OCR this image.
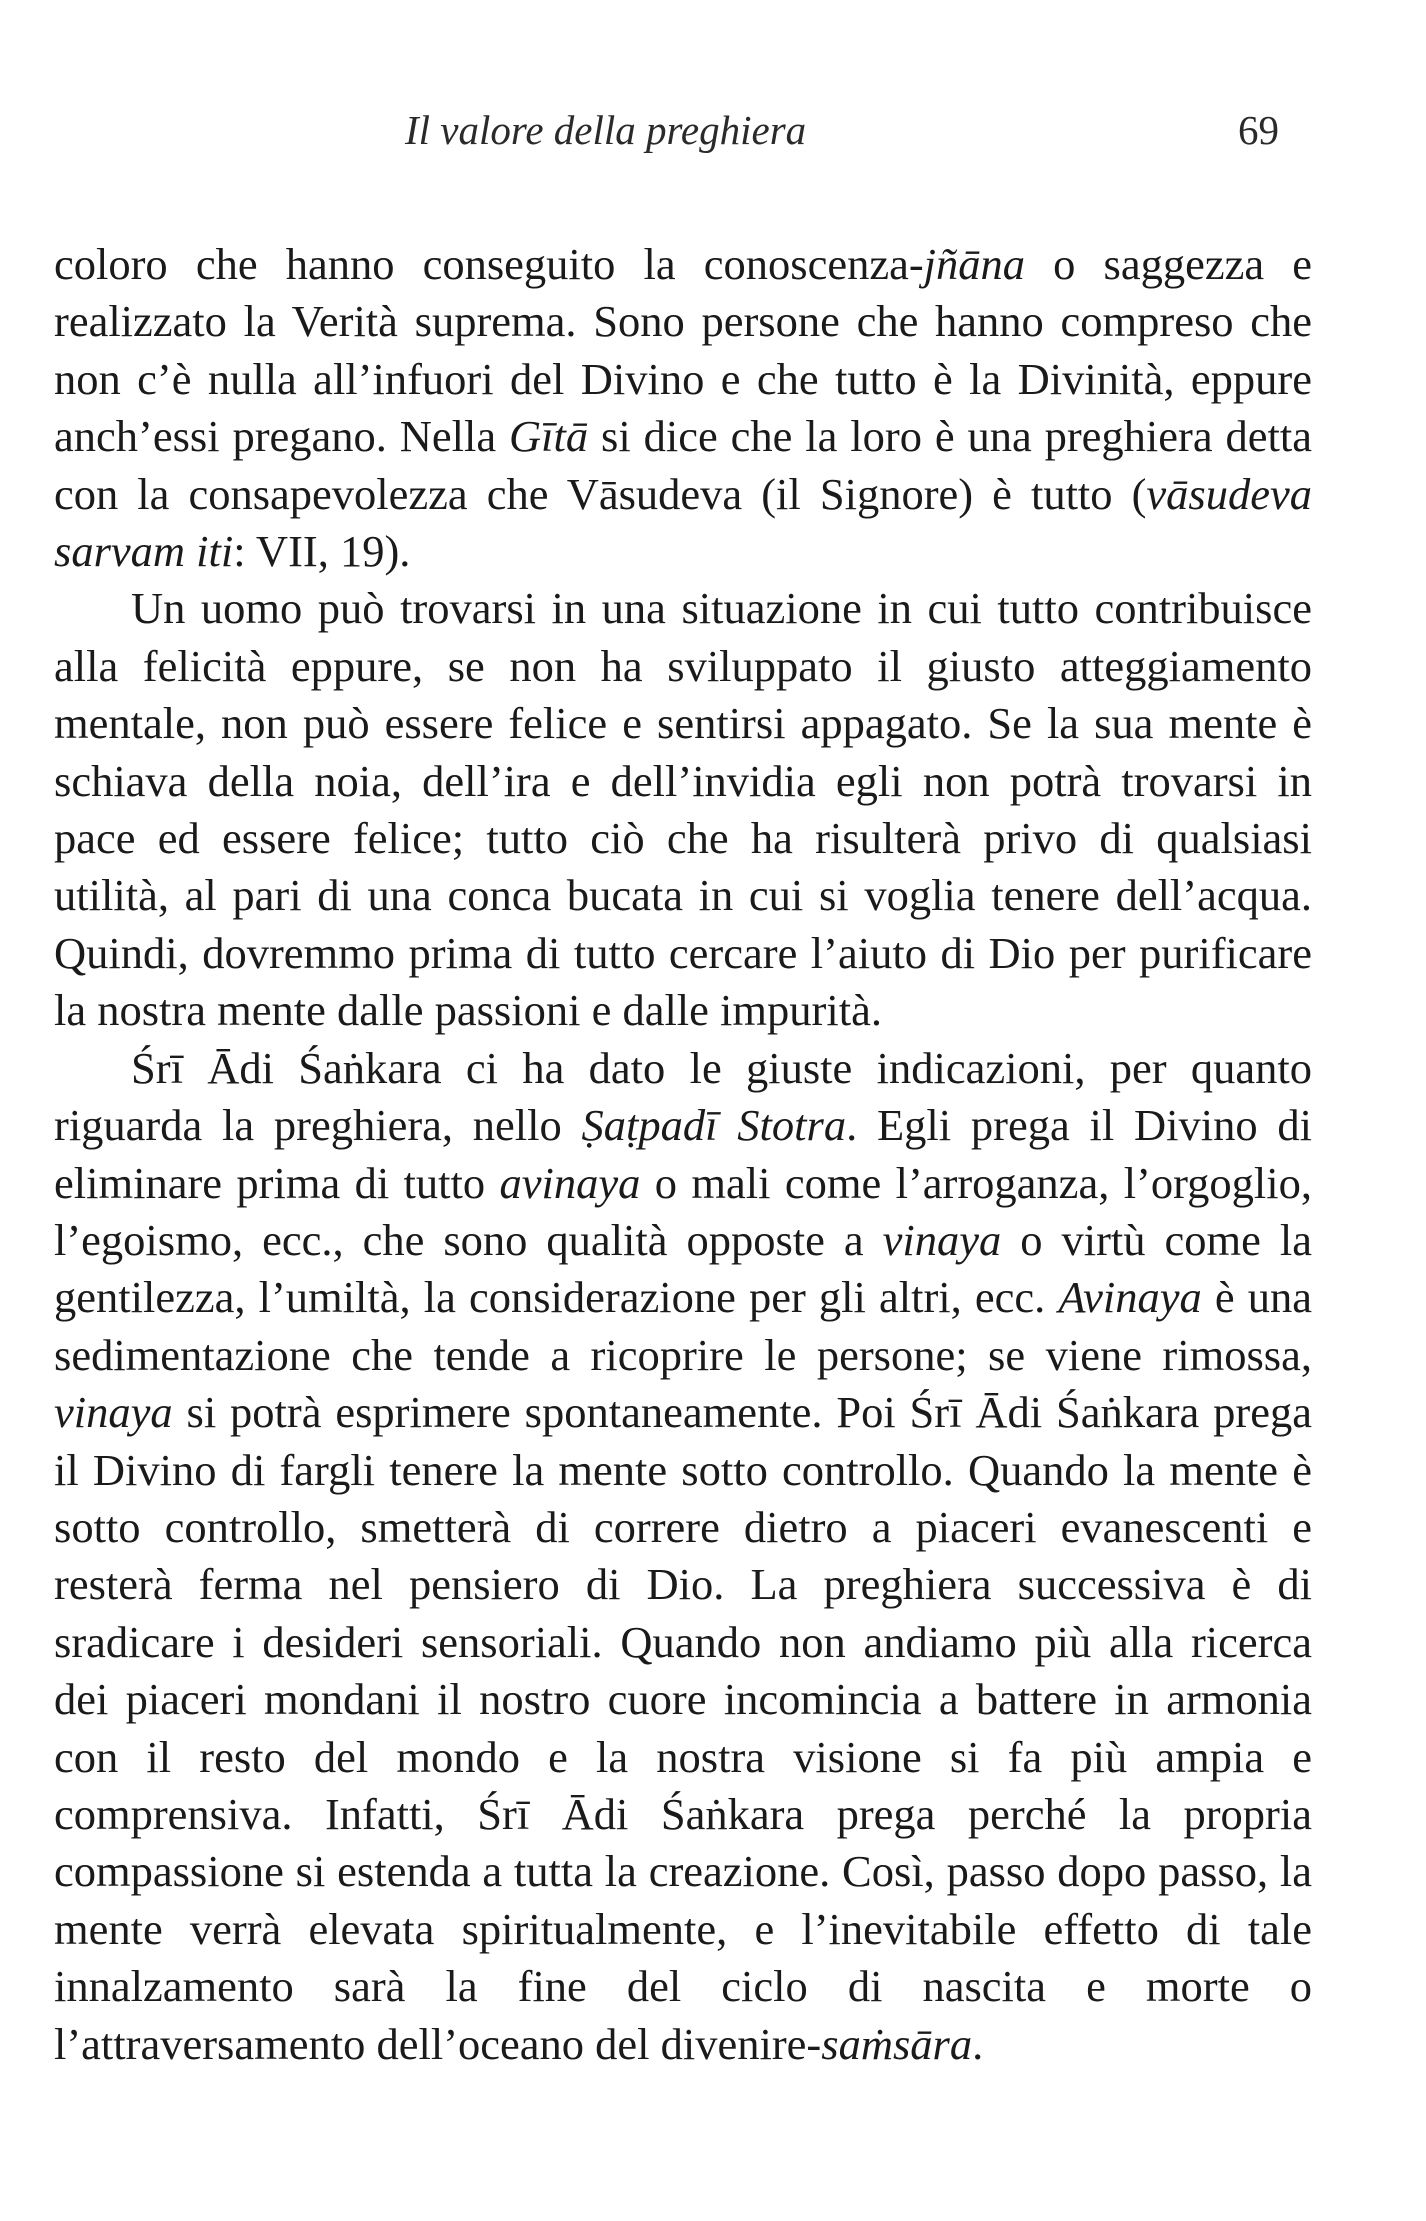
Il valore della preghiera	69

coloro che hanno conseguito la conoscenza-jñāna o saggezza e realizzato la Verità suprema. Sono persone che hanno compreso che non c’è nulla all’infuori del Divino e che tutto è la Divinità, eppure anch’essi pregano. Nella Gītā si dice che la loro è una preghiera detta con la consapevolezza che Vāsudeva (il Signore) è tutto (vāsudeva sarvam iti: VII, 19).

Un uomo può trovarsi in una situazione in cui tutto contribuisce alla felicità eppure, se non ha sviluppato il giusto atteggiamento mentale, non può essere felice e sentirsi appagato. Se la sua mente è schiava della noia, dell’ira e dell’invidia egli non potrà trovarsi in pace ed essere felice; tutto ciò che ha risulterà privo di qualsiasi utilità, al pari di una conca bucata in cui si voglia tenere dell’acqua. Quindi, dovremmo prima di tutto cercare l’aiuto di Dio per purificare la nostra mente dalle passioni e dalle impurità.

Śrī Ādi Śaṅkara ci ha dato le giuste indicazioni, per quanto riguarda la preghiera, nello Ṣaṭpadī Stotra. Egli prega il Divino di eliminare prima di tutto avinaya o mali come l’arroganza, l’orgoglio, l’egoismo, ecc., che sono qualità opposte a vinaya o virtù come la gentilezza, l’umiltà, la considerazione per gli altri, ecc. Avinaya è una sedimentazione che tende a ricoprire le persone; se viene rimossa, vinaya si potrà esprimere spontaneamente. Poi Śrī Ādi Śaṅkara prega il Divino di fargli tenere la mente sotto controllo. Quando la mente è sotto controllo, smetterà di correre dietro a piaceri evanescenti e resterà ferma nel pensiero di Dio. La preghiera successiva è di sradicare i desideri sensoriali. Quando non andiamo più alla ricerca dei piaceri mondani il nostro cuore incomincia a battere in armonia con il resto del mondo e la nostra visione si fa più ampia e comprensiva. Infatti, Śrī Ādi Śaṅkara prega perché la propria compassione si estenda a tutta la creazione. Così, passo dopo passo, la mente verrà elevata spiritualmente, e l’inevitabile effetto di tale innalzamento sarà la fine del ciclo di nascita e morte o l’attraversamento dell’oceano del divenire-saṁsāra.
